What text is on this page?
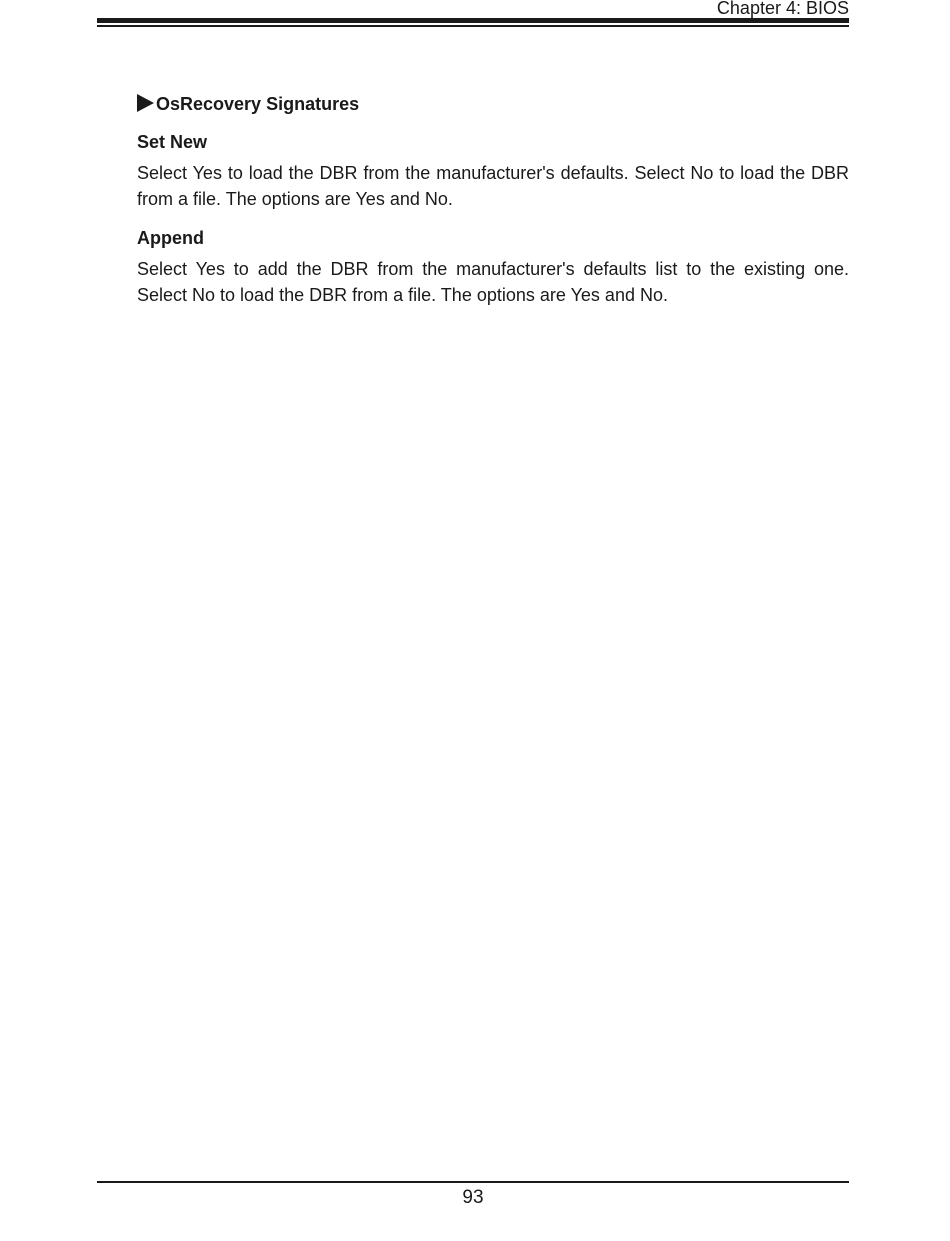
Chapter 4: BIOS
OsRecovery Signatures
Set New

Select Yes to load the DBR from the manufacturer's defaults. Select No to load the DBR from a file. The options are Yes and No.

Append

Select Yes to add the DBR from the manufacturer's defaults list to the existing one. Select No to load the DBR from a file. The options are Yes and No.

93
